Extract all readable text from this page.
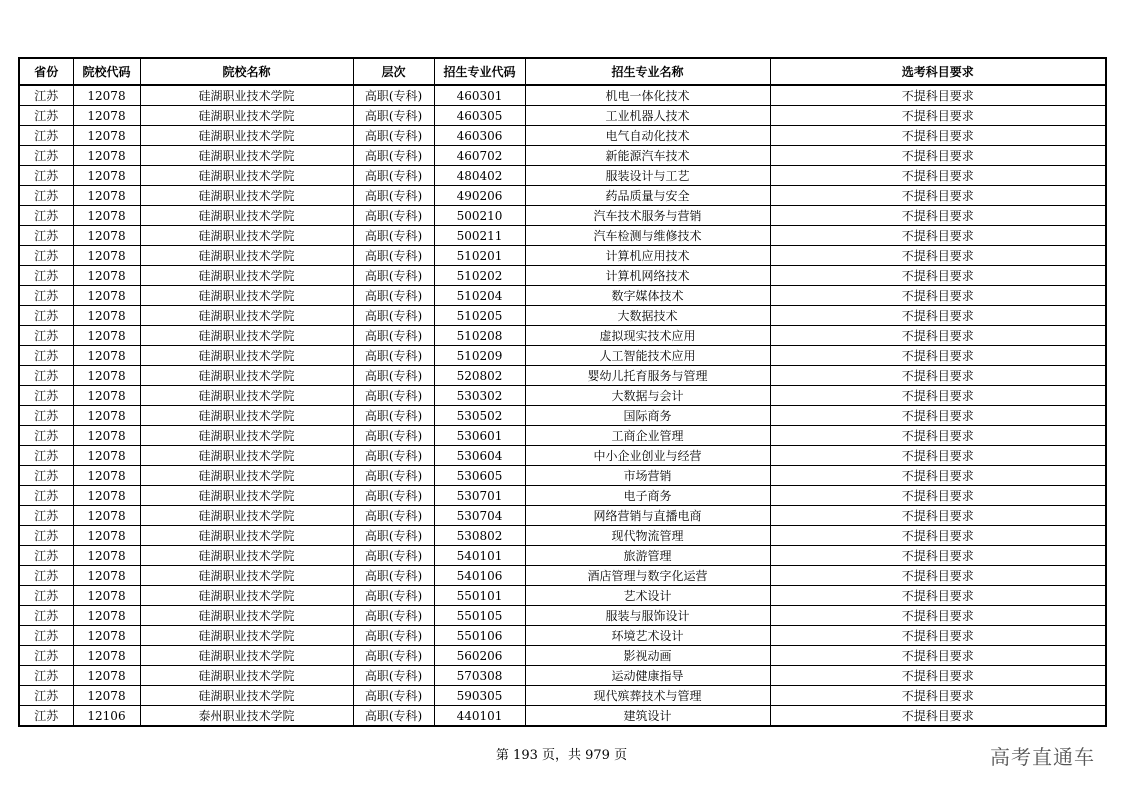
省份	院校代码	院校名称	层次	招生专业代码	招生专业名称	选考科目要求
江苏	12078	硅湖职业技术学院	高职(专科)	460301	机电一体化技术	不提科目要求
江苏	12078	硅湖职业技术学院	高职(专科)	460305	工业机器人技术	不提科目要求
江苏	12078	硅湖职业技术学院	高职(专科)	460306	电气自动化技术	不提科目要求
江苏	12078	硅湖职业技术学院	高职(专科)	460702	新能源汽车技术	不提科目要求
江苏	12078	硅湖职业技术学院	高职(专科)	480402	服装设计与工艺	不提科目要求
江苏	12078	硅湖职业技术学院	高职(专科)	490206	药品质量与安全	不提科目要求
江苏	12078	硅湖职业技术学院	高职(专科)	500210	汽车技术服务与营销	不提科目要求
江苏	12078	硅湖职业技术学院	高职(专科)	500211	汽车检测与维修技术	不提科目要求
江苏	12078	硅湖职业技术学院	高职(专科)	510201	计算机应用技术	不提科目要求
江苏	12078	硅湖职业技术学院	高职(专科)	510202	计算机网络技术	不提科目要求
江苏	12078	硅湖职业技术学院	高职(专科)	510204	数字媒体技术	不提科目要求
江苏	12078	硅湖职业技术学院	高职(专科)	510205	大数据技术	不提科目要求
江苏	12078	硅湖职业技术学院	高职(专科)	510208	虚拟现实技术应用	不提科目要求
江苏	12078	硅湖职业技术学院	高职(专科)	510209	人工智能技术应用	不提科目要求
江苏	12078	硅湖职业技术学院	高职(专科)	520802	婴幼儿托育服务与管理	不提科目要求
江苏	12078	硅湖职业技术学院	高职(专科)	530302	大数据与会计	不提科目要求
江苏	12078	硅湖职业技术学院	高职(专科)	530502	国际商务	不提科目要求
江苏	12078	硅湖职业技术学院	高职(专科)	530601	工商企业管理	不提科目要求
江苏	12078	硅湖职业技术学院	高职(专科)	530604	中小企业创业与经营	不提科目要求
江苏	12078	硅湖职业技术学院	高职(专科)	530605	市场营销	不提科目要求
江苏	12078	硅湖职业技术学院	高职(专科)	530701	电子商务	不提科目要求
江苏	12078	硅湖职业技术学院	高职(专科)	530704	网络营销与直播电商	不提科目要求
江苏	12078	硅湖职业技术学院	高职(专科)	530802	现代物流管理	不提科目要求
江苏	12078	硅湖职业技术学院	高职(专科)	540101	旅游管理	不提科目要求
江苏	12078	硅湖职业技术学院	高职(专科)	540106	酒店管理与数字化运营	不提科目要求
江苏	12078	硅湖职业技术学院	高职(专科)	550101	艺术设计	不提科目要求
江苏	12078	硅湖职业技术学院	高职(专科)	550105	服装与服饰设计	不提科目要求
江苏	12078	硅湖职业技术学院	高职(专科)	550106	环境艺术设计	不提科目要求
江苏	12078	硅湖职业技术学院	高职(专科)	560206	影视动画	不提科目要求
江苏	12078	硅湖职业技术学院	高职(专科)	570308	运动健康指导	不提科目要求
江苏	12078	硅湖职业技术学院	高职(专科)	590305	现代殡葬技术与管理	不提科目要求
江苏	12106	泰州职业技术学院	高职(专科)	440101	建筑设计	不提科目要求
第 193 页，共 979 页	高考直通车
